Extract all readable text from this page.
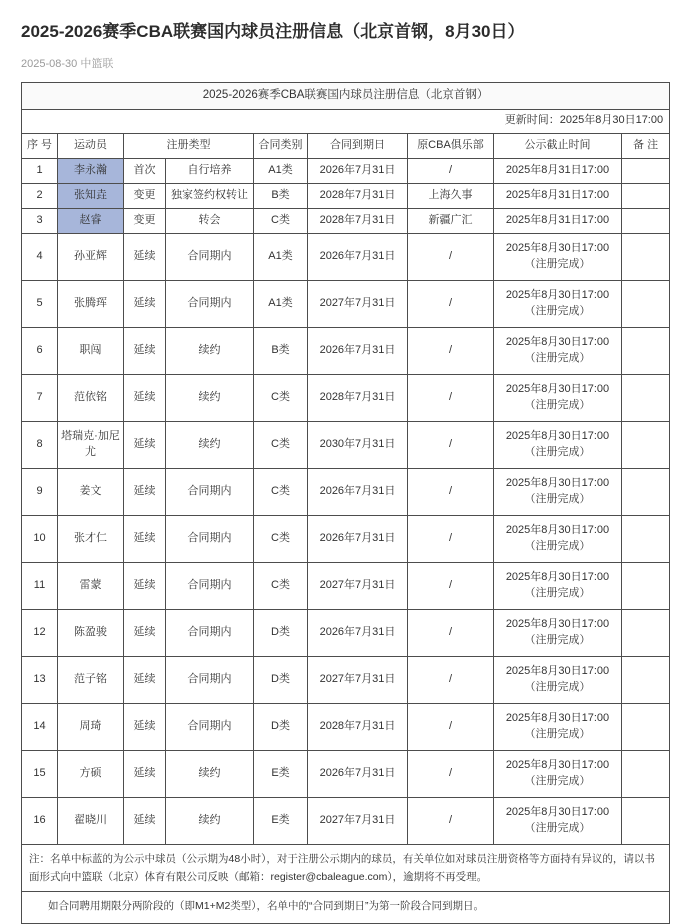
2025-2026赛季CBA联赛国内球员注册信息（北京首钢，8月30日）
2025-08-30 中篮联
2025-2026赛季CBA联赛国内球员注册信息（北京首钢）								
更新时间：2025年8月30日17:00								
序 号	运动员	注册类型		合同类别	合同到期日	原CBA俱乐部	公示截止时间	备 注
1	李永瀚	首次	自行培养	A1类	2026年7月31日	/	2025年8月31日17:00	

2	张知垚	变更	独家签约权转让	B类	2028年7月31日	上海久事	2025年8月31日17:00	

3	赵睿	变更	转会	C类	2028年7月31日	新疆广汇	2025年8月31日17:00	

4	孙亚辉	延续	合同期内	A1类	2026年7月31日	/	2025年8月30日17:00
（注册完成）	

5	张腾珲	延续	合同期内	A1类	2027年7月31日	/	2025年8月30日17:00
（注册完成）	

6	职闯	延续	续约	B类	2026年7月31日	/	2025年8月30日17:00
（注册完成）	

7	范依铭	延续	续约	C类	2028年7月31日	/	2025年8月30日17:00
（注册完成）	

8	塔瑞克·加尼尤	延续	续约	C类	2030年7月31日	/	2025年8月30日17:00
（注册完成）	

9	姜文	延续	合同期内	C类	2026年7月31日	/	2025年8月30日17:00
（注册完成）	

10	张才仁	延续	合同期内	C类	2026年7月31日	/	2025年8月30日17:00
（注册完成）	

11	雷蒙	延续	合同期内	C类	2027年7月31日	/	2025年8月30日17:00
（注册完成）	

12	陈盈骏	延续	合同期内	D类	2026年7月31日	/	2025年8月30日17:00
（注册完成）	

13	范子铭	延续	合同期内	D类	2027年7月31日	/	2025年8月30日17:00
（注册完成）	

14	周琦	延续	合同期内	D类	2028年7月31日	/	2025年8月30日17:00
（注册完成）	

15	方硕	延续	续约	E类	2026年7月31日	/	2025年8月30日17:00
（注册完成）	

16	翟晓川	延续	续约	E类	2027年7月31日	/	2025年8月30日17:00
（注册完成）	

注：名单中标蓝的为公示中球员（公示期为48小时），对于注册公示期内的球员，有关单位如对球员注册资格等方面持有异议的，请以书面形式向中篮联（北京）体育有限公司反映（邮箱：register@cbaleague.com），逾期将不再受理。								
如合同聘用期限分两阶段的（即M1+M2类型），名单中的“合同到期日”为第一阶段合同到期日。								
